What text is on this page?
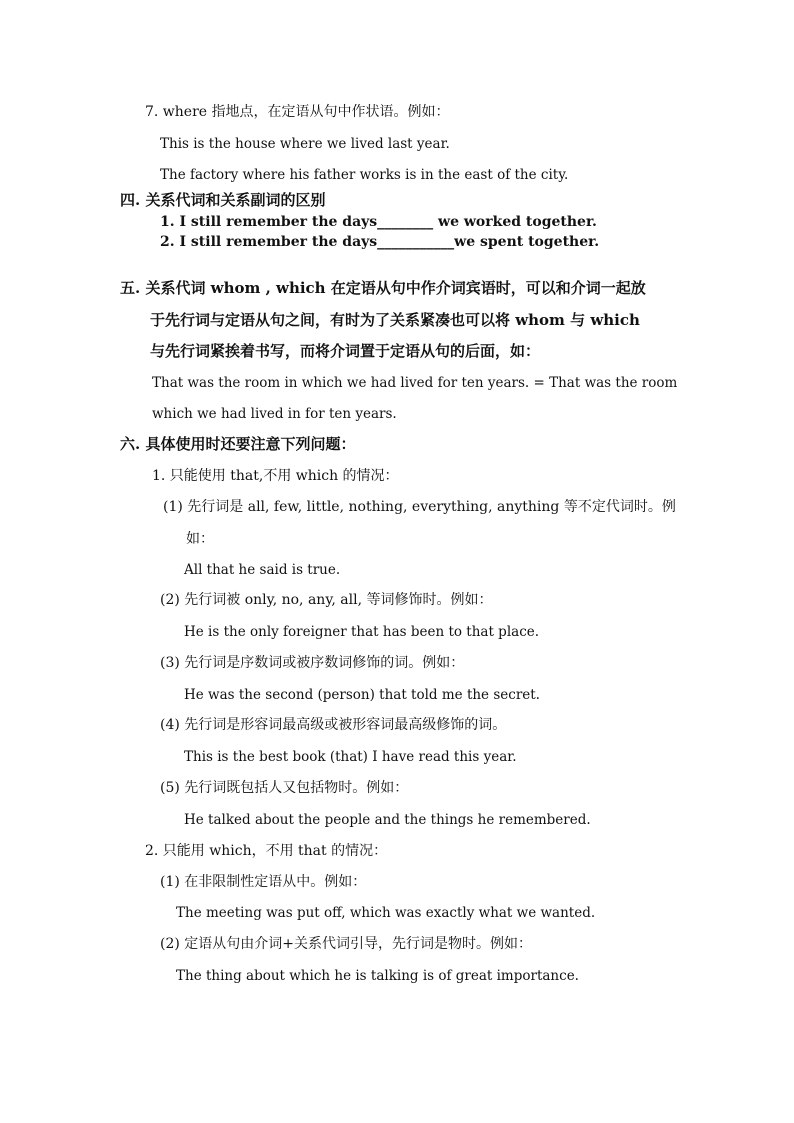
7. where 指地点，在定语从句中作状语。例如：
This is the house where we lived last year.
The factory where his father works is in the east of the city.
四. 关系代词和关系副词的区别
1. I still remember the days________ we worked together.
2. I still remember the days___________we spent together.
五. 关系代词 whom , which 在定语从句中作介词宾语时，可以和介词一起放
于先行词与定语从句之间，有时为了关系紧凑也可以将 whom 与 which
与先行词紧挨着书写，而将介词置于定语从句的后面，如：
That was the room in which we had lived for ten years. = That was the room
which we had lived in for ten years.
六. 具体使用时还要注意下列问题：
1. 只能使用 that,不用 which 的情况：
(1) 先行词是 all, few, little, nothing, everything, anything 等不定代词时。例
如：
All that he said is true.
(2) 先行词被 only, no, any, all, 等词修饰时。例如：
He is the only foreigner that has been to that place.
(3) 先行词是序数词或被序数词修饰的词。例如：
He was the second (person) that told me the secret.
(4) 先行词是形容词最高级或被形容词最高级修饰的词。
This is the best book (that) I have read this year.
(5) 先行词既包括人又包括物时。例如：
He talked about the people and the things he remembered.
2. 只能用 which，不用 that 的情况：
(1) 在非限制性定语从中。例如：
The meeting was put off, which was exactly what we wanted.
(2) 定语从句由介词+关系代词引导，先行词是物时。例如：
The thing about which he is talking is of great importance.
